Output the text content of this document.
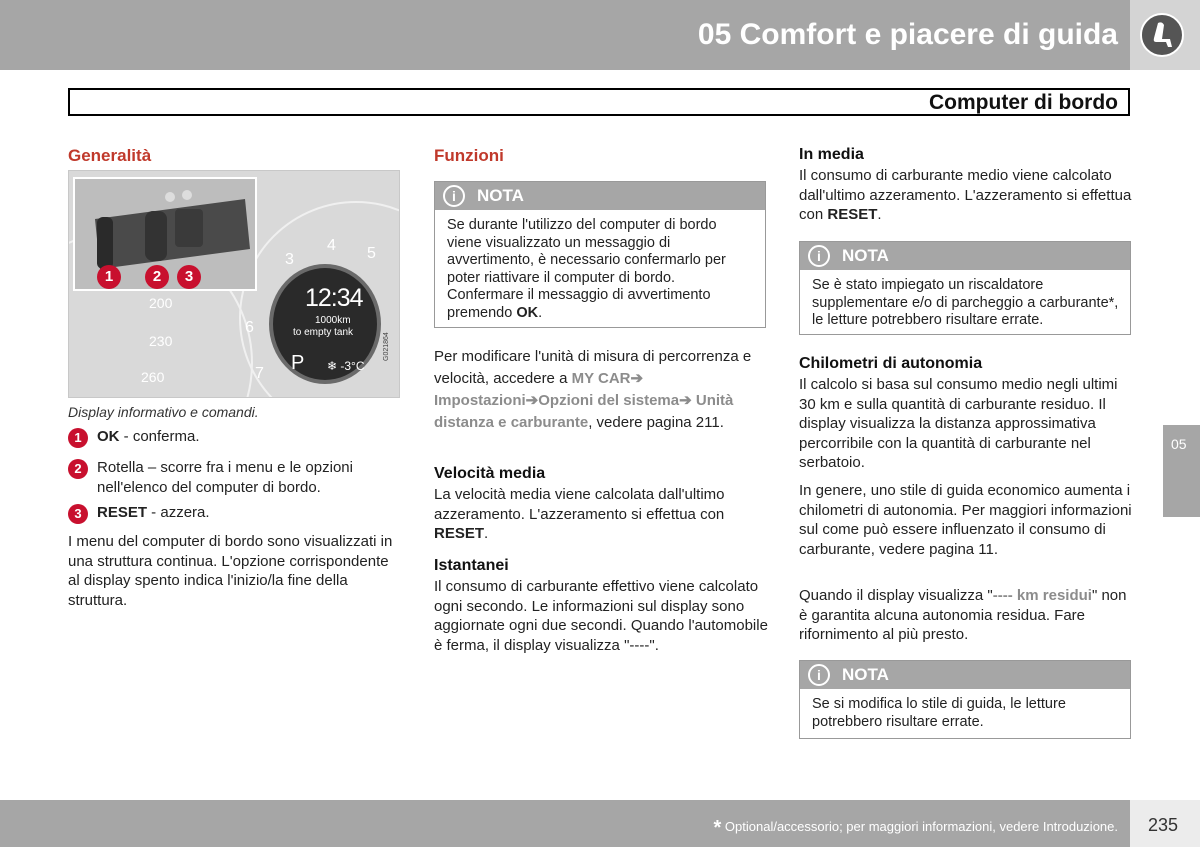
05 Comfort e piacere di guida
Computer di bordo
Generalità
200
230
260
3
4 5
6
7
12:34
1000km
to empty tank
P ❄ -3°C
G021864
1	2	3
Display informativo e comandi.
1	OK - conferma.
2	Rotella – scorre fra i menu e le opzioni nell'elenco del computer di bordo.
3	RESET - azzera.
I menu del computer di bordo sono visualizzati in una struttura continua. L'opzione corrispondente al display spento indica l'inizio/la fine della struttura.
Funzioni
i	NOTA
Se durante l'utilizzo del computer di bordo viene visualizzato un messaggio di avvertimento, è necessario confermarlo per poter riattivare il computer di bordo. Confermare il messaggio di avvertimento premendo OK.
Per modificare l'unità di misura di percorrenza e velocità, accedere a MY CAR➔ Impostazioni➔Opzioni del sistema➔ Unità distanza e carburante, vedere pagina 211.
Velocità media
La velocità media viene calcolata dall'ultimo azzeramento. L'azzeramento si effettua con RESET.
Istantanei
Il consumo di carburante effettivo viene calcolato ogni secondo. Le informazioni sul display sono aggiornate ogni due secondi. Quando l'automobile è ferma, il display visualizza "----".
In media
Il consumo di carburante medio viene calcolato dall'ultimo azzeramento. L'azzeramento si effettua con RESET.
i	NOTA
Se è stato impiegato un riscaldatore supplementare e/o di parcheggio a carburante*, le letture potrebbero risultare errate.
Chilometri di autonomia
Il calcolo si basa sul consumo medio negli ultimi 30 km e sulla quantità di carburante residuo. Il display visualizza la distanza approssimativa percorribile con la quantità di carburante nel serbatoio.
In genere, uno stile di guida economico aumenta i chilometri di autonomia. Per maggiori informazioni sul come può essere influenzato il consumo di carburante, vedere pagina 11.
Quando il display visualizza "---- km residui" non è garantita alcuna autonomia residua. Fare rifornimento al più presto.
i	NOTA
Se si modifica lo stile di guida, le letture potrebbero risultare errate.
05
* Optional/accessorio; per maggiori informazioni, vedere Introduzione. 235
